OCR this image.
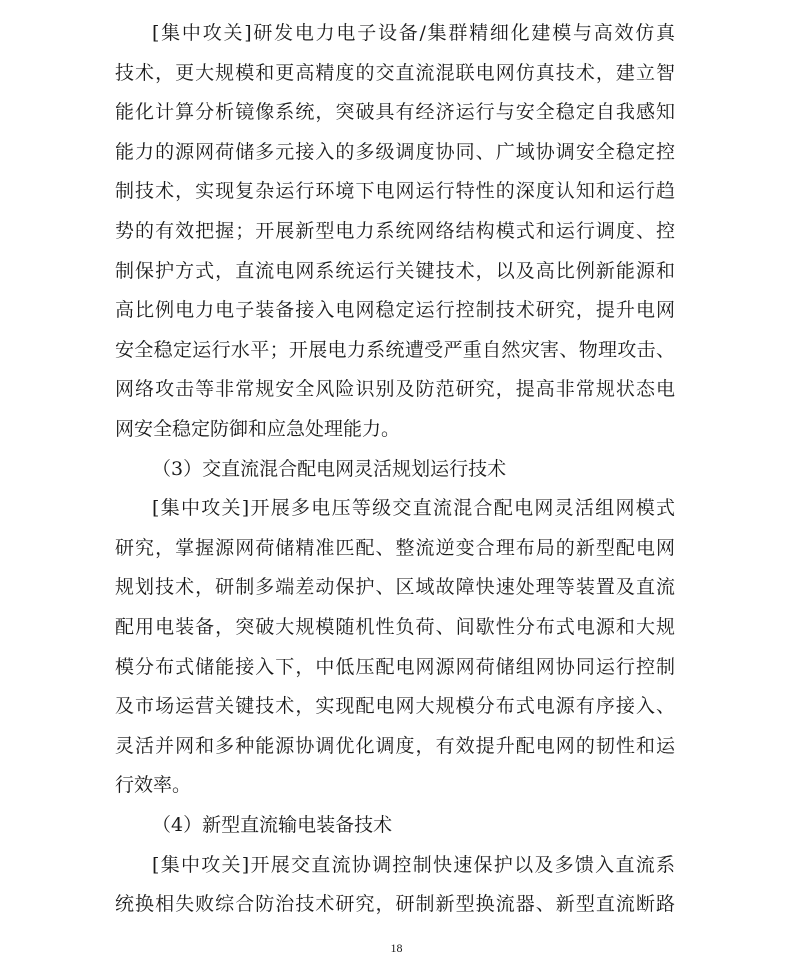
[集中攻关]研发电力电子设备/集群精细化建模与高效仿真
技术，更大规模和更高精度的交直流混联电网仿真技术，建立智
能化计算分析镜像系统，突破具有经济运行与安全稳定自我感知
能力的源网荷储多元接入的多级调度协同、广域协调安全稳定控
制技术，实现复杂运行环境下电网运行特性的深度认知和运行趋
势的有效把握；开展新型电力系统网络结构模式和运行调度、控
制保护方式，直流电网系统运行关键技术，以及高比例新能源和
高比例电力电子装备接入电网稳定运行控制技术研究，提升电网
安全稳定运行水平；开展电力系统遭受严重自然灾害、物理攻击、
网络攻击等非常规安全风险识别及防范研究，提高非常规状态电
网安全稳定防御和应急处理能力。
（3）交直流混合配电网灵活规划运行技术
[集中攻关]开展多电压等级交直流混合配电网灵活组网模式
研究，掌握源网荷储精准匹配、整流逆变合理布局的新型配电网
规划技术，研制多端差动保护、区域故障快速处理等装置及直流
配用电装备，突破大规模随机性负荷、间歇性分布式电源和大规
模分布式储能接入下，中低压配电网源网荷储组网协同运行控制
及市场运营关键技术，实现配电网大规模分布式电源有序接入、
灵活并网和多种能源协调优化调度，有效提升配电网的韧性和运
行效率。
（4）新型直流输电装备技术
[集中攻关]开展交直流协调控制快速保护以及多馈入直流系
统换相失败综合防治技术研究，研制新型换流器、新型直流断路
18
